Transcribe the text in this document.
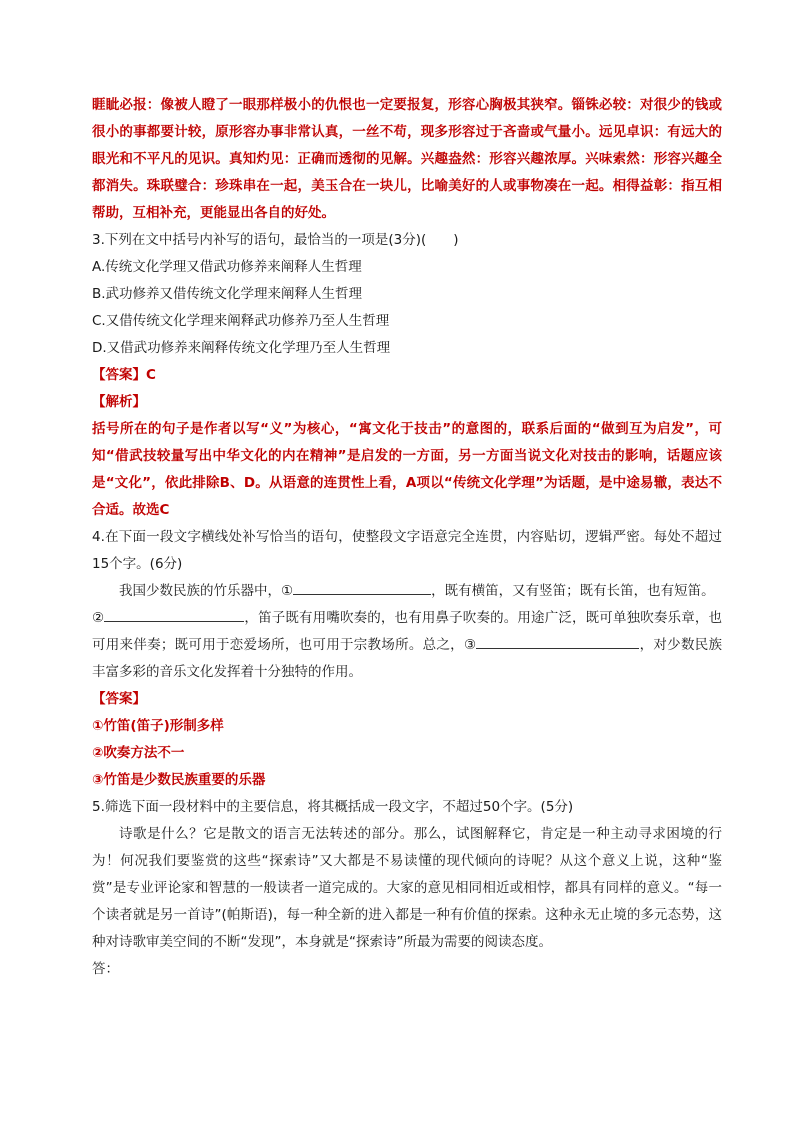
睚眦必报：像被人瞪了一眼那样极小的仇恨也一定要报复，形容心胸极其狭窄。锱铢必较：对很少的钱或很小的事都要计较，原形容办事非常认真，一丝不苟，现多形容过于吝啬或气量小。远见卓识：有远大的眼光和不平凡的见识。真知灼见：正确而透彻的见解。兴趣盎然：形容兴趣浓厚。兴味索然：形容兴趣全都消失。珠联璧合：珍珠串在一起，美玉合在一块儿，比喻美好的人或事物凑在一起。相得益彰：指互相帮助，互相补充，更能显出各自的好处。

3.下列在文中括号内补写的语句，最恰当的一项是(3分)(　　)

A.传统文化学理又借武功修养来阐释人生哲理

B.武功修养又借传统文化学理来阐释人生哲理

C.又借传统文化学理来阐释武功修养乃至人生哲理

D.又借武功修养来阐释传统文化学理乃至人生哲理

【答案】C

【解析】

括号所在的句子是作者以写“义”为核心，“寓文化于技击”的意图的，联系后面的“做到互为启发”，可知“借武技较量写出中华文化的内在精神”是启发的一方面，另一方面当说文化对技击的影响，话题应该是“文化”，依此排除B、D。从语意的连贯性上看，A项以“传统文化学理”为话题，是中途易辙，表达不合适。故选C

4.在下面一段文字横线处补写恰当的语句，使整段文字语意完全连贯，内容贴切，逻辑严密。每处不超过15个字。(6分)

我国少数民族的竹乐器中，①	，既有横笛，又有竖笛；既有长笛，也有短笛。
②	，笛子既有用嘴吹奏的，也有用鼻子吹奏的。用途广泛，既可单独吹奏乐章，也可用来伴奏；既可用于恋爱场所，也可用于宗教场所。总之，③	，对少数民族丰富多彩的音乐文化发挥着十分独特的作用。

【答案】

①竹笛(笛子)形制多样

②吹奏方法不一

③竹笛是少数民族重要的乐器

5.筛选下面一段材料中的主要信息，将其概括成一段文字，不超过50个字。(5分)

诗歌是什么？它是散文的语言无法转述的部分。那么，试图解释它，肯定是一种主动寻求困境的行为！何况我们要鉴赏的这些“探索诗”又大都是不易读懂的现代倾向的诗呢？从这个意义上说，这种“鉴赏”是专业评论家和智慧的一般读者一道完成的。大家的意见相同相近或相悖，都具有同样的意义。“每一个读者就是另一首诗”(帕斯语)，每一种全新的进入都是一种有价值的探索。这种永无止境的多元态势，这种对诗歌审美空间的不断“发现”，本身就是“探索诗”所最为需要的阅读态度。

答：
